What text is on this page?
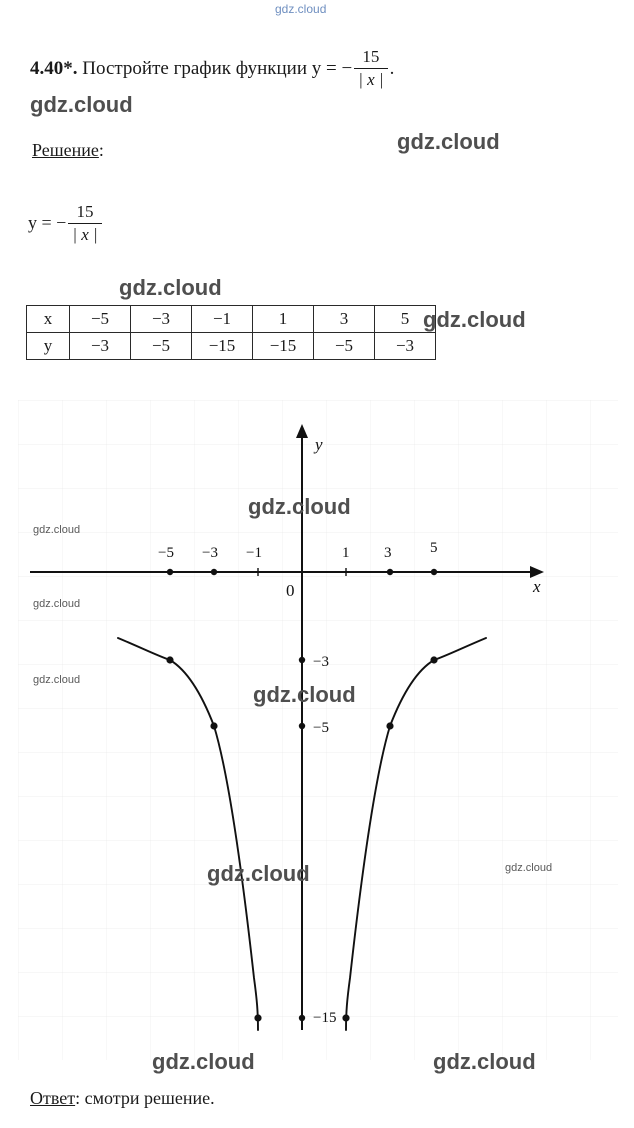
4.40*. Постройте график функции y = − $\frac{15}{| x |}$ .
Решение:
y = − $\frac{15}{| x |}$
x	−5	−3	−1	1	3	5
y	−3	−5	−15	−15	−5	−3
y
x
0
−5 −3 −1	1 3	5
−3
−5
−15
Ответ: смотри решение.
gdz.cloud
gdz.cloud
gdz.cloud
gdz.cloud
gdz.cloud
gdz.cloud
gdz.cloud
gdz.cloud
gdz.cloud
gdz.cloud
gdz.cloud	gdz.cloud
gdz.cloud	gdz.cloud
